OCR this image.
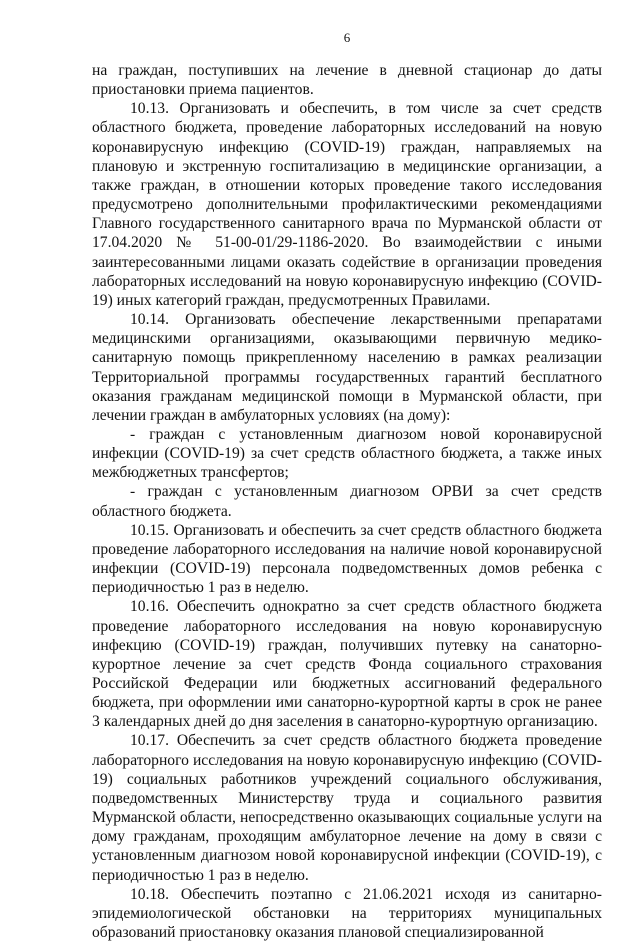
6

на граждан, поступивших на лечение в дневной стационар до даты приостановки приема пациентов.

10.13. Организовать и обеспечить, в том числе за счет средств областного бюджета, проведение лабораторных исследований на новую коронавирусную инфекцию (COVID-19) граждан, направляемых на плановую и экстренную госпитализацию в медицинские организации, а также граждан, в отношении которых проведение такого исследования предусмотрено дополнительными профилактическими рекомендациями Главного государственного санитарного врача по Мурманской области от 17.04.2020 № 51-00-01/29-1186-2020. Во взаимодействии с иными заинтересованными лицами оказать содействие в организации проведения лабораторных исследований на новую коронавирусную инфекцию (COVID-19) иных категорий граждан, предусмотренных Правилами.

10.14. Организовать обеспечение лекарственными препаратами медицинскими организациями, оказывающими первичную медико-санитарную помощь прикрепленному населению в рамках реализации Территориальной программы государственных гарантий бесплатного оказания гражданам медицинской помощи в Мурманской области, при лечении граждан в амбулаторных условиях (на дому):

- граждан с установленным диагнозом новой коронавирусной инфекции (COVID-19) за счет средств областного бюджета, а также иных межбюджетных трансфертов;

- граждан с установленным диагнозом ОРВИ за счет средств областного бюджета.

10.15. Организовать и обеспечить за счет средств областного бюджета проведение лабораторного исследования на наличие новой коронавирусной инфекции (COVID-19) персонала подведомственных домов ребенка с периодичностью 1 раз в неделю.

10.16. Обеспечить однократно за счет средств областного бюджета проведение лабораторного исследования на новую коронавирусную инфекцию (COVID-19) граждан, получивших путевку на санаторно-курортное лечение за счет средств Фонда социального страхования Российской Федерации или бюджетных ассигнований федерального бюджета, при оформлении ими санаторно-курортной карты в срок не ранее 3 календарных дней до дня заселения в санаторно-курортную организацию.

10.17. Обеспечить за счет средств областного бюджета проведение лабораторного исследования на новую коронавирусную инфекцию (COVID-19) социальных работников учреждений социального обслуживания, подведомственных Министерству труда и социального развития Мурманской области, непосредственно оказывающих социальные услуги на дому гражданам, проходящим амбулаторное лечение на дому в связи с установленным диагнозом новой коронавирусной инфекции (COVID-19), с периодичностью 1 раз в неделю.

10.18. Обеспечить поэтапно с 21.06.2021 исходя из санитарно-эпидемиологической обстановки на территориях муниципальных образований приостановку оказания плановой специализированной
